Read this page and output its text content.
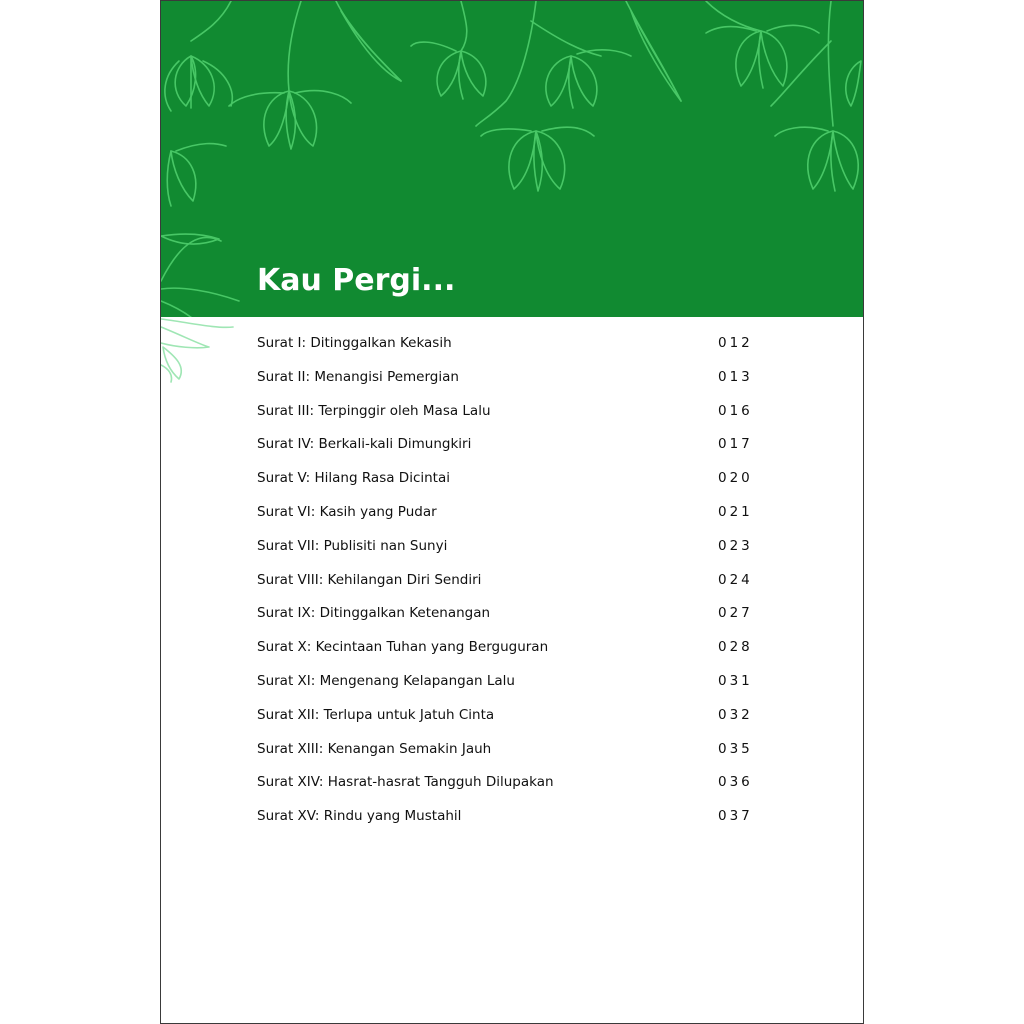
Kau Pergi...
Surat I: Ditinggalkan Kekasih	012
Surat II: Menangisi Pemergian	013
Surat III: Terpinggir oleh Masa Lalu	016
Surat IV: Berkali-kali Dimungkiri	017
Surat V: Hilang Rasa Dicintai	020
Surat VI: Kasih yang Pudar	021
Surat VII: Publisiti nan Sunyi	023
Surat VIII: Kehilangan Diri Sendiri	024
Surat IX: Ditinggalkan Ketenangan	027
Surat X: Kecintaan Tuhan yang Berguguran	028
Surat XI: Mengenang Kelapangan Lalu	031
Surat XII: Terlupa untuk Jatuh Cinta	032
Surat XIII: Kenangan Semakin Jauh	035
Surat XIV: Hasrat-hasrat Tangguh Dilupakan	036
Surat XV: Rindu yang Mustahil	037
